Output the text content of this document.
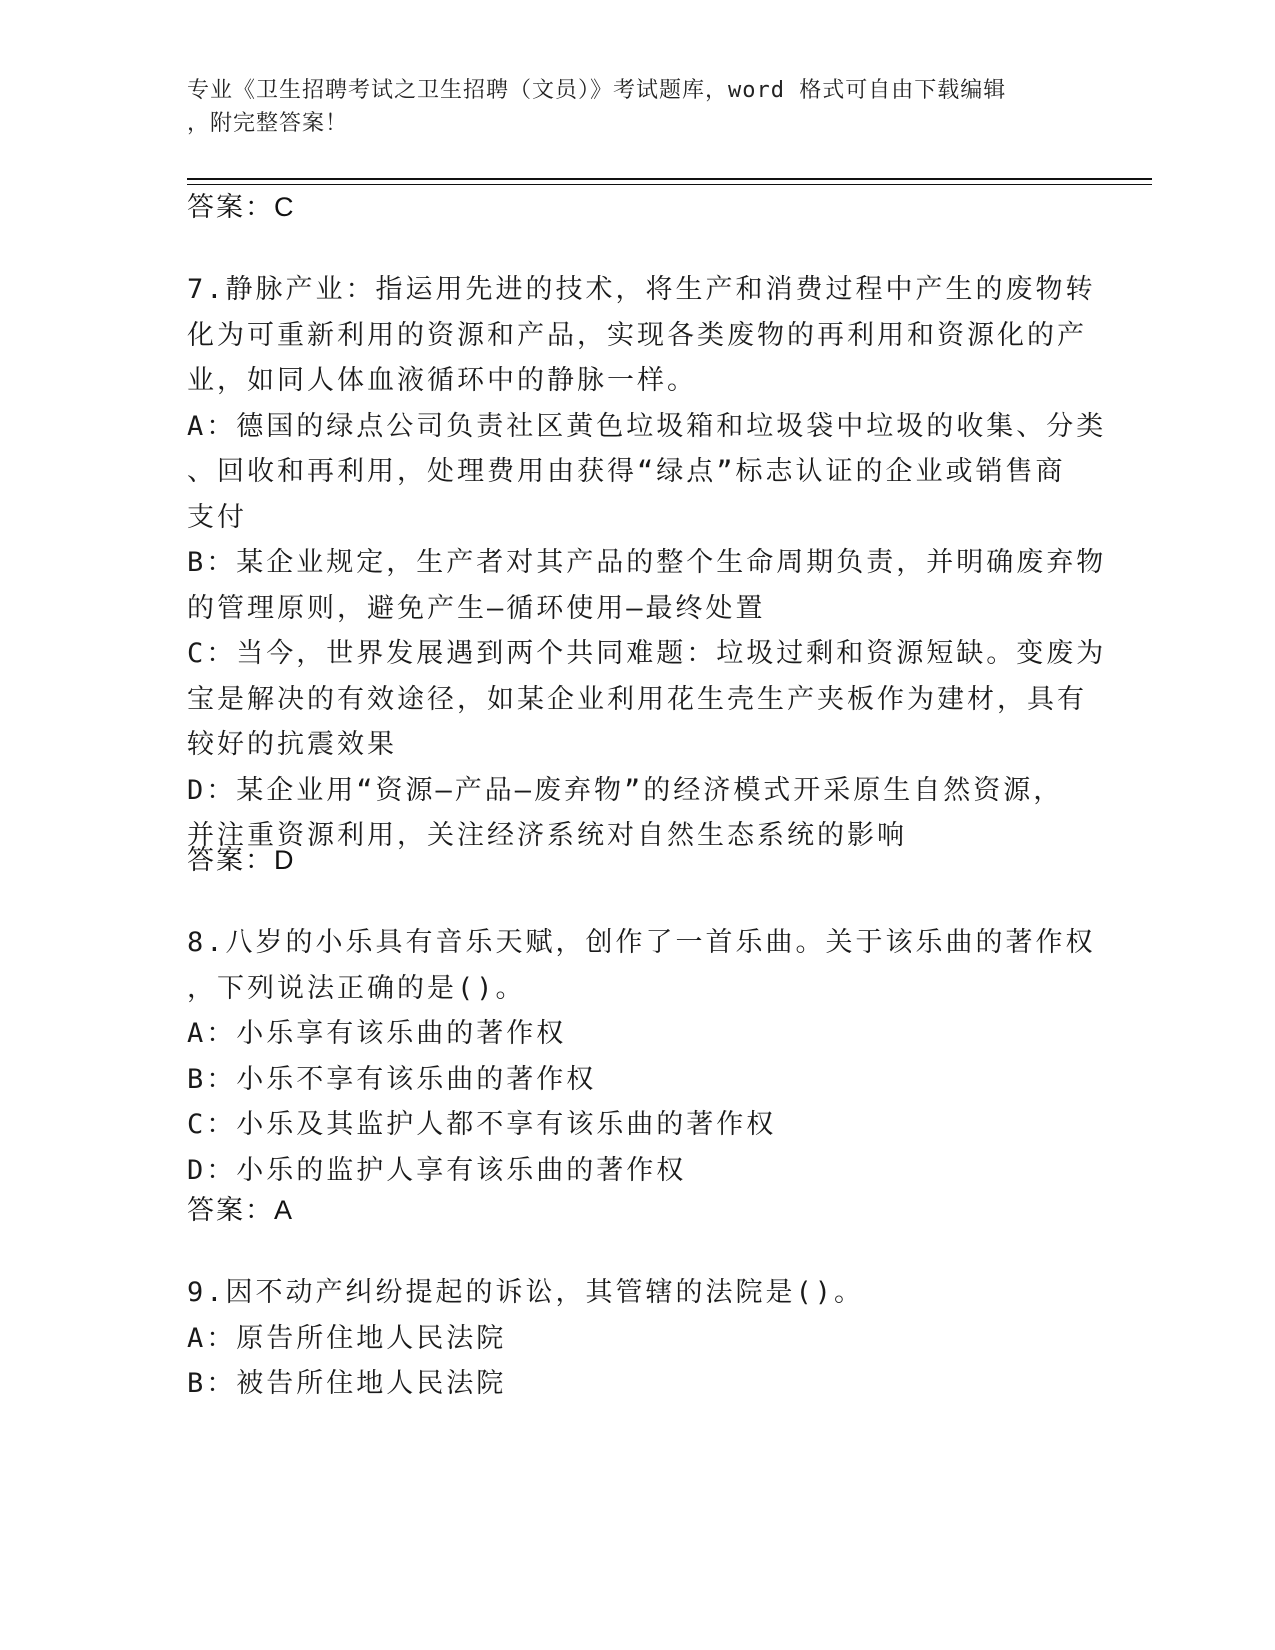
专业《卫生招聘考试之卫生招聘（文员）》考试题库，word 格式可自由下载编辑
，附完整答案！
答案：C
7.静脉产业：指运用先进的技术，将生产和消费过程中产生的废物转
化为可重新利用的资源和产品，实现各类废物的再利用和资源化的产
业，如同人体血液循环中的静脉一样。
A：德国的绿点公司负责社区黄色垃圾箱和垃圾袋中垃圾的收集、分类
、回收和再利用，处理费用由获得“绿点”标志认证的企业或销售商
支付
B：某企业规定，生产者对其产品的整个生命周期负责，并明确废弃物
的管理原则，避免产生—循环使用—最终处置
C：当今，世界发展遇到两个共同难题：垃圾过剩和资源短缺。变废为
宝是解决的有效途径，如某企业利用花生壳生产夹板作为建材，具有
较好的抗震效果
D：某企业用“资源—产品—废弃物”的经济模式开采原生自然资源，
并注重资源利用，关注经济系统对自然生态系统的影响
答案：D
8.八岁的小乐具有音乐天赋，创作了一首乐曲。关于该乐曲的著作权
，下列说法正确的是()。
A：小乐享有该乐曲的著作权
B：小乐不享有该乐曲的著作权
C：小乐及其监护人都不享有该乐曲的著作权
D：小乐的监护人享有该乐曲的著作权
答案：A
9.因不动产纠纷提起的诉讼，其管辖的法院是()。
A：原告所住地人民法院
B：被告所住地人民法院
